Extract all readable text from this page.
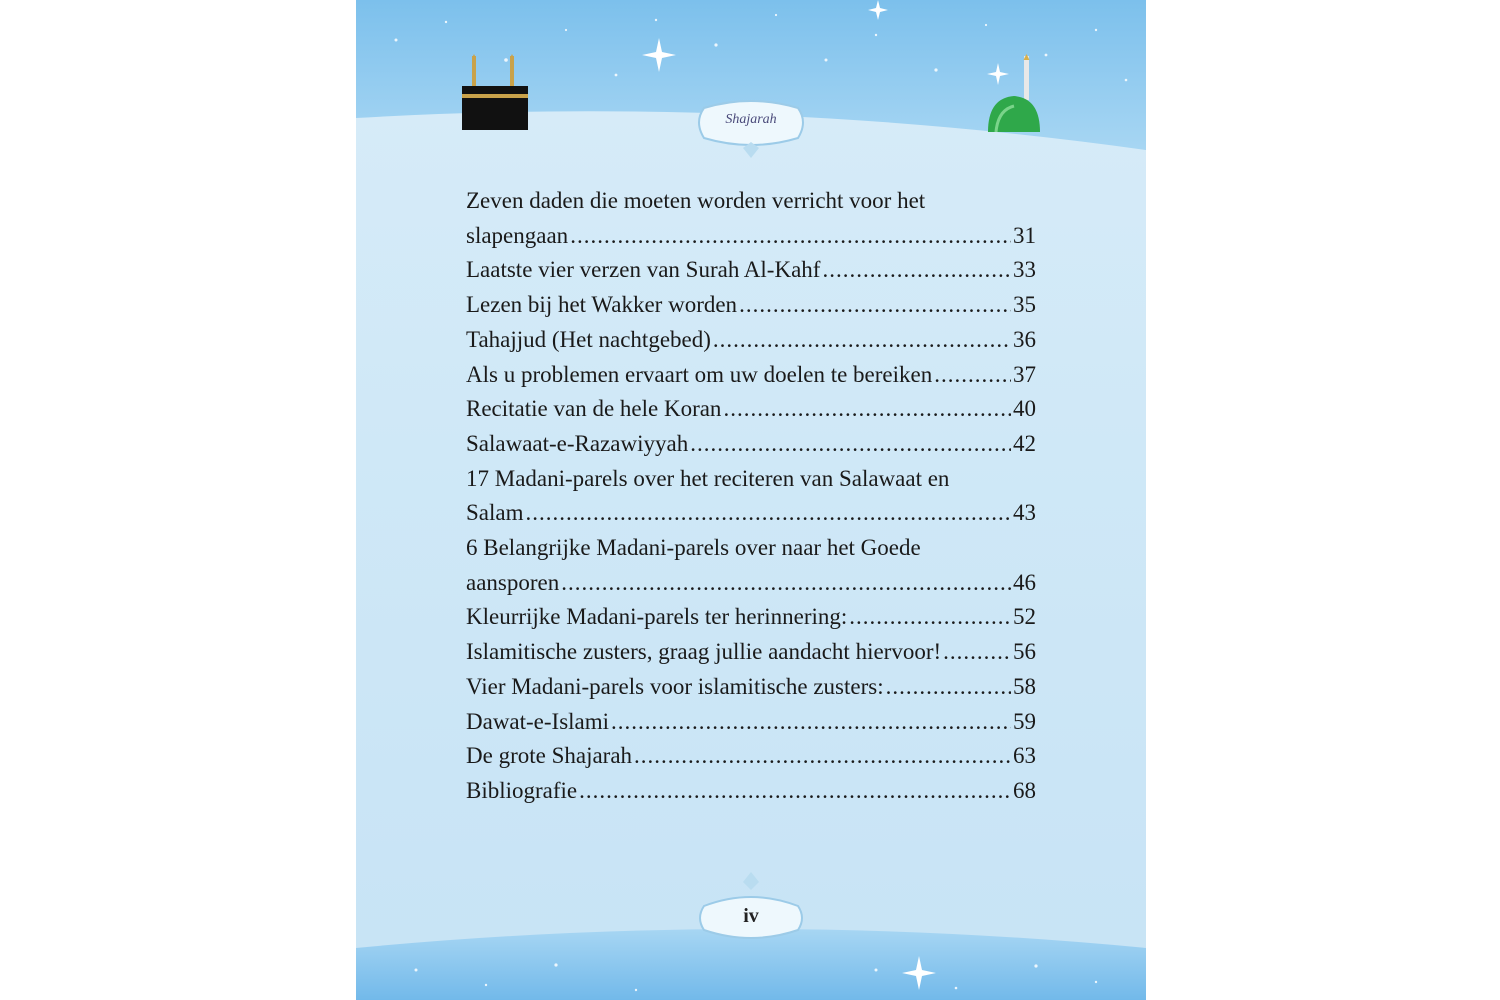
Shajarah
Zeven daden die moeten worden verricht voor het
slapengaan .....	31
Laatste vier verzen van Surah Al-Kahf .....	33
Lezen bij het Wakker worden .....	35
Tahajjud (Het nachtgebed) .....	36
Als u problemen ervaart om uw doelen te bereiken .....	37
Recitatie van de hele Koran .....	40
Salawaat-e-Razawiyyah .....	42
17 Madani-parels over het reciteren van Salawaat en
Salam .....	43
6 Belangrijke Madani-parels over naar het Goede
aansporen .....	46
Kleurrijke Madani-parels ter herinnering: .....	52
Islamitische zusters, graag jullie aandacht hiervoor! .....	56
Vier Madani-parels voor islamitische zusters: .....	58
Dawat-e-Islami .....	59
De grote Shajarah .....	63
Bibliografie .....	68
iv
